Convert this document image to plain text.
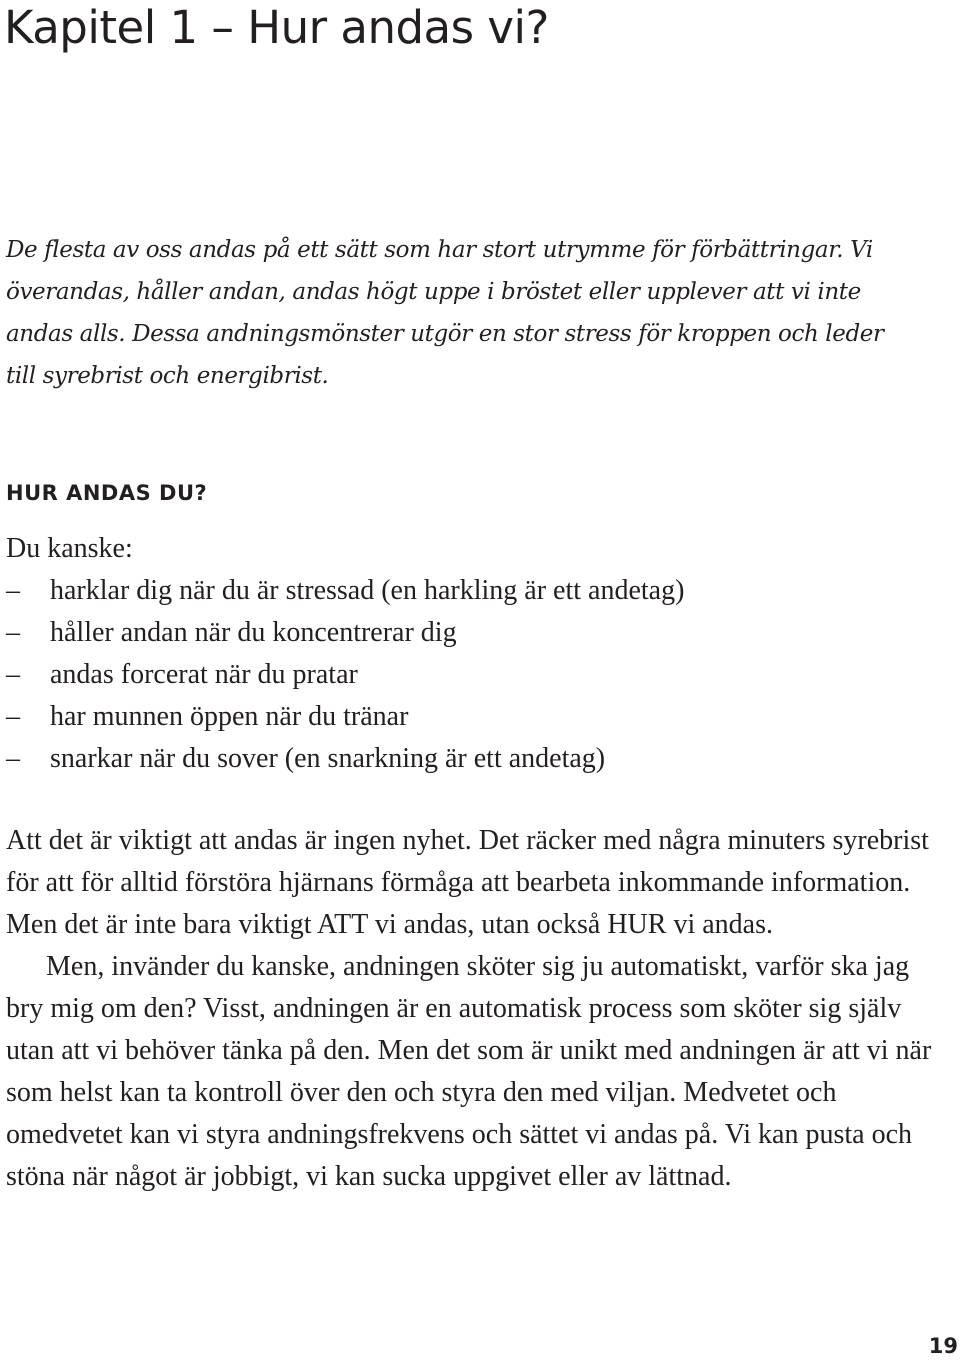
Kapitel 1 – Hur andas vi?

De flesta av oss andas på ett sätt som har stort utrymme för förbättringar. Vi överandas, håller andan, andas högt uppe i bröstet eller upplever att vi inte andas alls. Dessa andningsmönster utgör en stor stress för kroppen och leder till syrebrist och energibrist.

HUR ANDAS DU?

Du kanske:

– harklar dig när du är stressad (en harkling är ett andetag)
– håller andan när du koncentrerar dig
– andas forcerat när du pratar
– har munnen öppen när du tränar
– snarkar när du sover (en snarkning är ett andetag)

Att det är viktigt att andas är ingen nyhet. Det räcker med några minuters syrebrist för att för alltid förstöra hjärnans förmåga att bearbeta inkommande information. Men det är inte bara viktigt ATT vi andas, utan också HUR vi andas.

Men, invänder du kanske, andningen sköter sig ju automatiskt, varför ska jag bry mig om den? Visst, andningen är en automatisk process som sköter sig själv utan att vi behöver tänka på den. Men det som är unikt med andningen är att vi när som helst kan ta kontroll över den och styra den med viljan. Medvetet och omedvetet kan vi styra andningsfrekvens och sättet vi andas på. Vi kan pusta och stöna när något är jobbigt, vi kan sucka uppgivet eller av lättnad.

19
